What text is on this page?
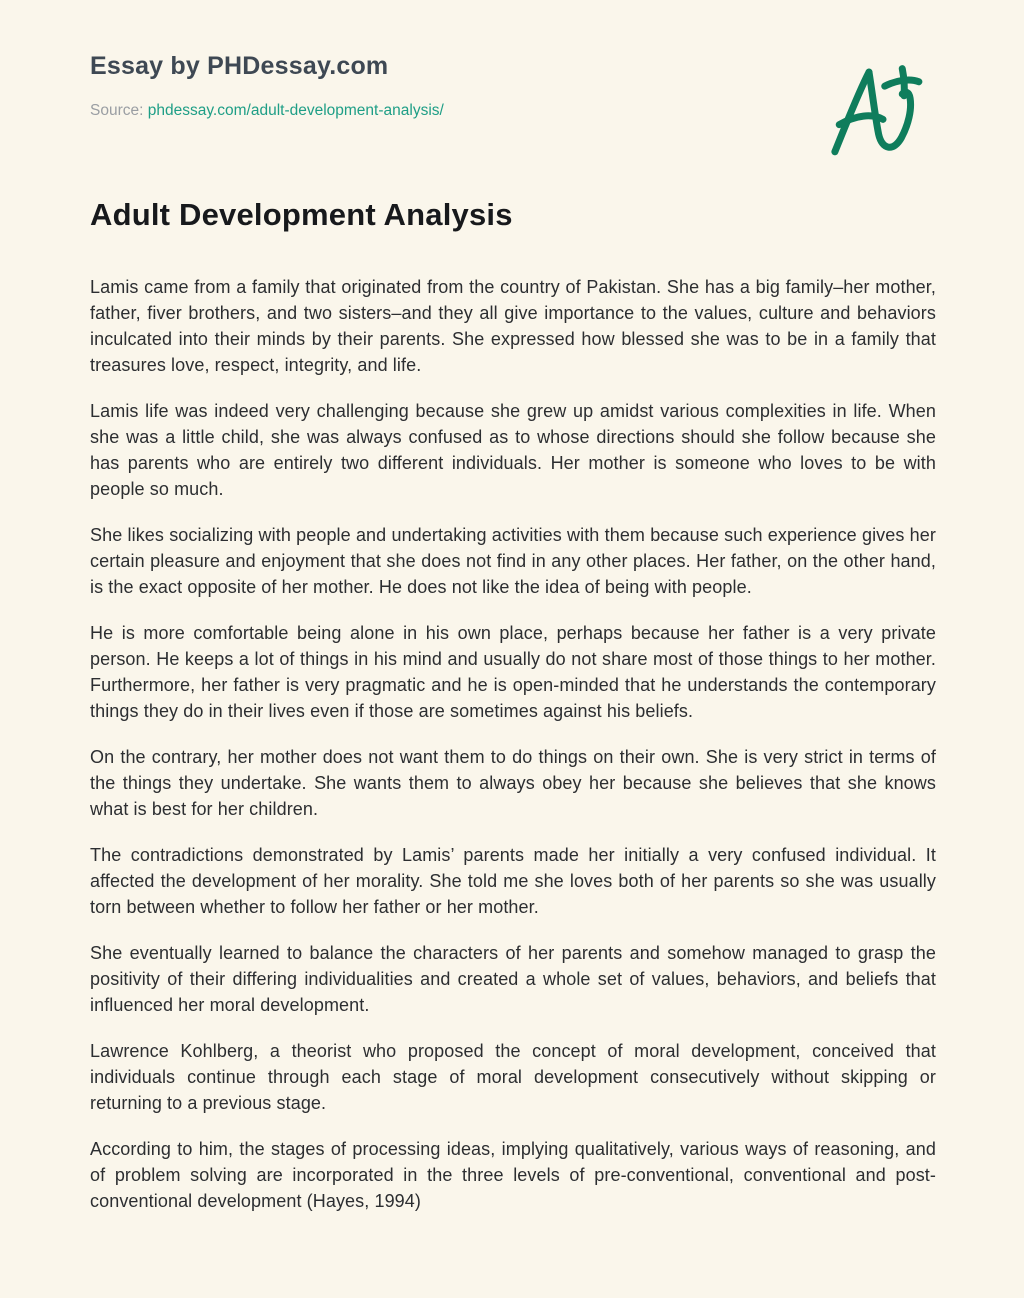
Essay by PHDessay.com

Source: phdessay.com/adult-development-analysis/

Adult Development Analysis

Lamis came from a family that originated from the country of Pakistan. She has a big family–her mother, father, fiver brothers, and two sisters–and they all give importance to the values, culture and behaviors inculcated into their minds by their parents. She expressed how blessed she was to be in a family that treasures love, respect, integrity, and life.

Lamis life was indeed very challenging because she grew up amidst various complexities in life. When she was a little child, she was always confused as to whose directions should she follow because she has parents who are entirely two different individuals. Her mother is someone who loves to be with people so much.

She likes socializing with people and undertaking activities with them because such experience gives her certain pleasure and enjoyment that she does not find in any other places. Her father, on the other hand, is the exact opposite of her mother. He does not like the idea of being with people.

He is more comfortable being alone in his own place, perhaps because her father is a very private person. He keeps a lot of things in his mind and usually do not share most of those things to her mother. Furthermore, her father is very pragmatic and he is open-minded that he understands the contemporary things they do in their lives even if those are sometimes against his beliefs.

On the contrary, her mother does not want them to do things on their own. She is very strict in terms of the things they undertake. She wants them to always obey her because she believes that she knows what is best for her children.

The contradictions demonstrated by Lamis’ parents made her initially a very confused individual. It affected the development of her morality. She told me she loves both of her parents so she was usually torn between whether to follow her father or her mother.

She eventually learned to balance the characters of her parents and somehow managed to grasp the positivity of their differing individualities and created a whole set of values, behaviors, and beliefs that influenced her moral development.

Lawrence Kohlberg, a theorist who proposed the concept of moral development, conceived that individuals continue through each stage of moral development consecutively without skipping or returning to a previous stage.

According to him, the stages of processing ideas, implying qualitatively, various ways of reasoning, and of problem solving are incorporated in the three levels of pre-conventional, conventional and post-conventional development (Hayes, 1994)
